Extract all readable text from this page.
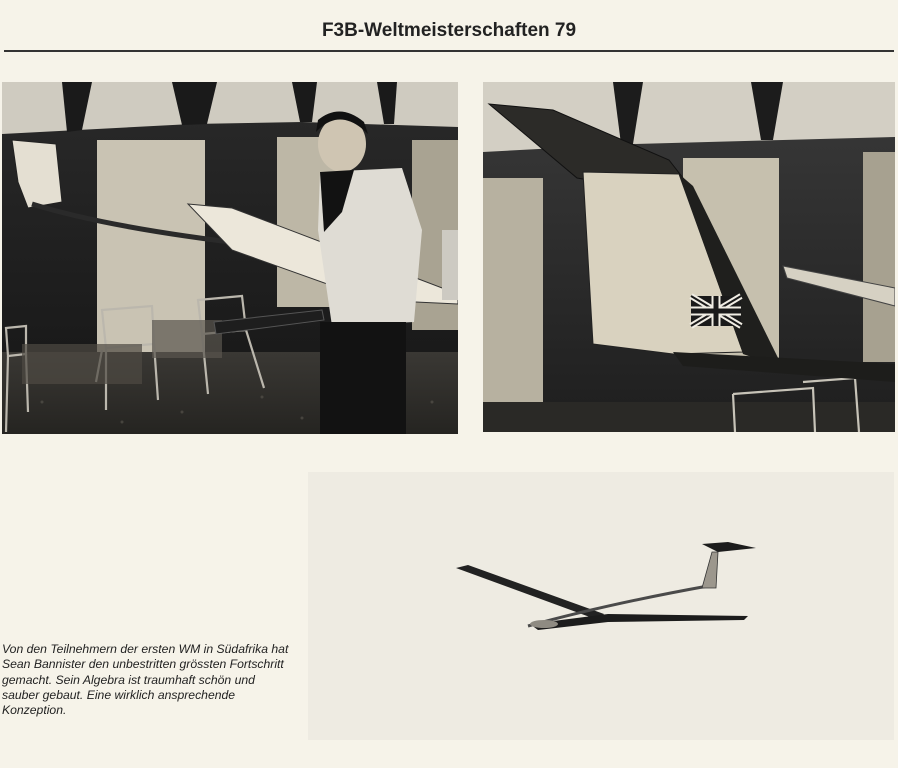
F3B-Weltmeisterschaften 79
Von den Teilnehmern der ersten WM in Südafrika hat Sean Bannister den unbestritten grössten Fortschritt gemacht. Sein Algebra ist traumhaft schön und sauber gebaut. Eine wirklich ansprechende Konzeption.
